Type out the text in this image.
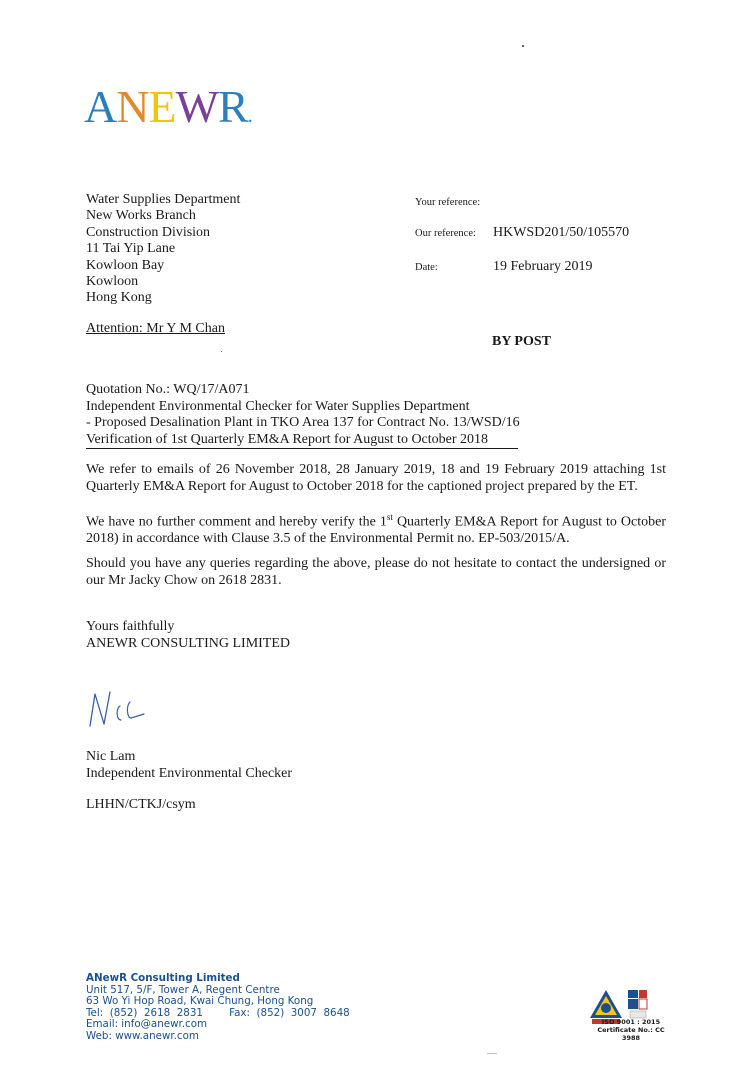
ANEWR.
Water Supplies Department
New Works Branch
Construction Division
11 Tai Yip Lane
Kowloon Bay
Kowloon
Hong Kong
Your reference:
Our reference: HKWSD201/50/105570
Date:	19 February 2019
Attention: Mr Y M Chan
BY POST
Quotation No.: WQ/17/A071
Independent Environmental Checker for Water Supplies Department
- Proposed Desalination Plant in TKO Area 137 for Contract No. 13/WSD/16
Verification of 1st Quarterly EM&A Report for August to October 2018
We refer to emails of 26 November 2018, 28 January 2019, 18 and 19 February 2019 attaching 1st Quarterly EM&A Report for August to October 2018 for the captioned project prepared by the ET.
We have no further comment and hereby verify the 1st Quarterly EM&A Report for August to October 2018) in accordance with Clause 3.5 of the Environmental Permit no. EP-503/2015/A.
Should you have any queries regarding the above, please do not hesitate to contact the undersigned or our Mr Jacky Chow on 2618 2831.
Yours faithfully
ANEWR CONSULTING LIMITED
Nic Lam
Independent Environmental Checker
LHHN/CTKJ/csym
ANewR Consulting Limited
Unit 517, 5/F, Tower A, Regent Centre
63 Wo Yi Hop Road, Kwai Chung, Hong Kong
Tel:  (852)  2618  2831        Fax:  (852)  3007  8648
Email: info@anewr.com
Web: www.anewr.com
ISO 9001 : 2015
Certificate No.: CC 3988
